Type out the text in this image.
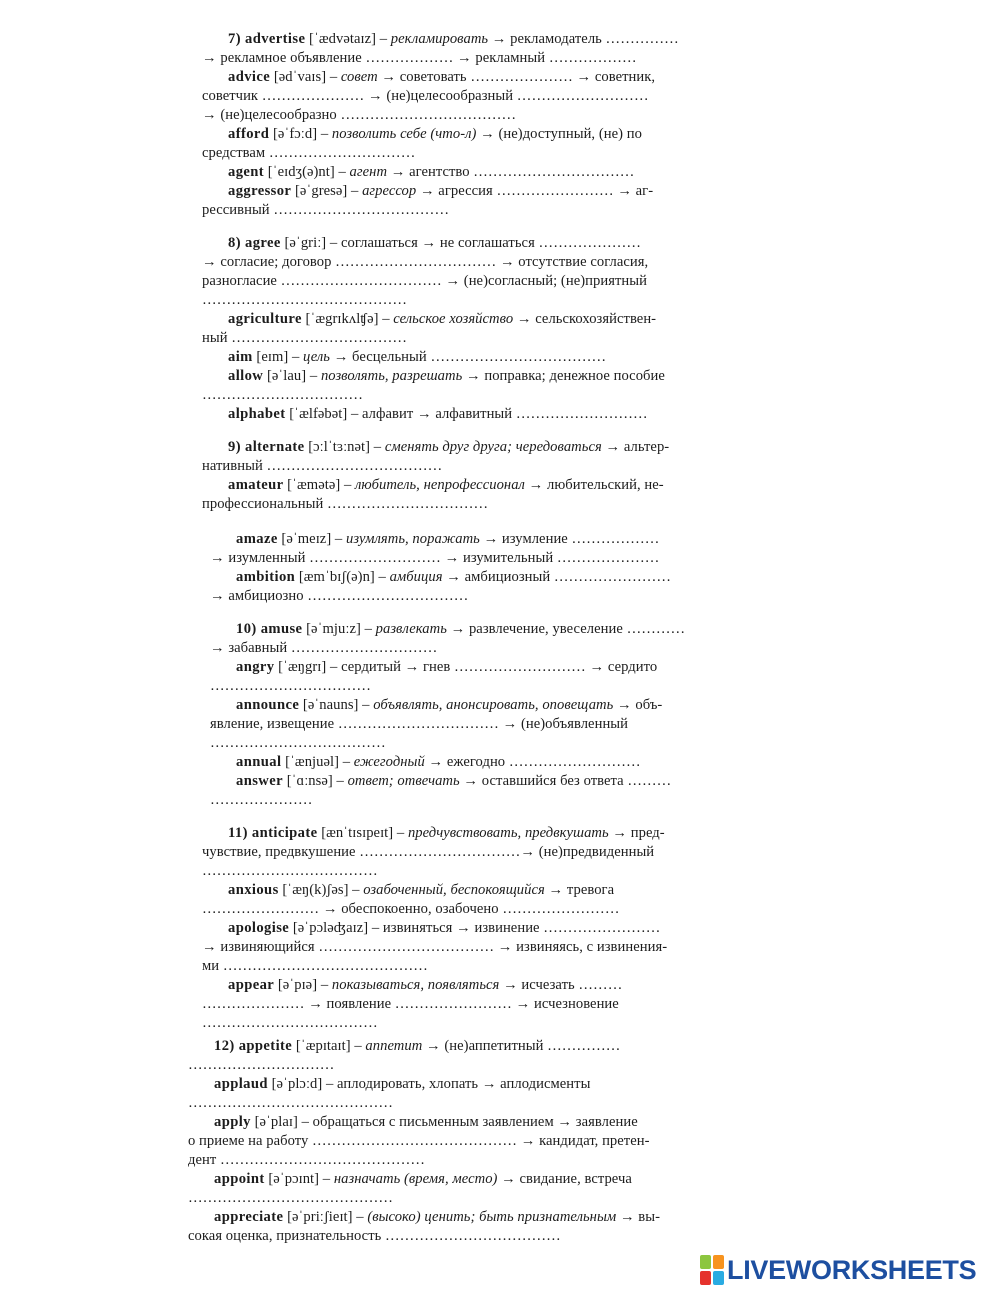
7) advertise [ˈædvətaɪz] – рекламировать → рекламодатель ……………
→ рекламное объявление ……………… → рекламный ………………
advice [ədˈvaɪs] – совет → советовать ………………… → советник,
советчик ………………… → (не)целесообразный ………………………
→ (не)целесообразно ………………………………
afford [əˈfɔːd] – позволить себе (что-л) → (не)доступный, (не) по
средствам …………………………
agent [ˈeɪdʒ(ə)nt] – агент → агентство ……………………………
aggressor [əˈgresə] – агрессор → агрессия …………………… → аг-
рессивный ………………………………
8) agree [əˈgriː] – соглашаться → не соглашаться …………………
→ согласие; договор …………………………… → отсутствие согласия,
разногласие …………………………… → (не)согласный; (не)приятный
……………………………………
agriculture [ˈægrɪkʌlʧə] – сельское хозяйство → сельскохозяйствен-
ный ………………………………
aim [eɪm] – цель → бесцельный ………………………………
allow [əˈlau] – позволять, разрешать → поправка; денежное пособие
……………………………
alphabet [ˈælfəbət] – алфавит → алфавитный ………………………
9) alternate [ɔːlˈtɜːnət] – сменять друг друга; чередоваться → альтер-
нативный ………………………………
amateur [ˈæmətə] – любитель, непрофессионал → любительский, не-
профессиональный ……………………………
amaze [əˈmeɪz] – изумлять, поражать → изумление ………………
→ изумленный ……………………… → изумительный …………………
ambition [æmˈbɪʃ(ə)n] – амбиция → амбициозный ……………………
→ амбициозно ……………………………
10) amuse [əˈmjuːz] – развлекать → развлечение, увеселение …………
→ забавный …………………………
angry [ˈæŋgrɪ] – сердитый → гнев ……………………… → сердито
……………………………
announce [əˈnauns] – объявлять, анонсировать, оповещать → объ-
явление, извещение …………………………… → (не)объявленный
………………………………
annual [ˈænjuəl] – ежегодный → ежегодно ………………………
answer [ˈɑːnsə] – ответ; отвечать → оставшийся без ответа ………
…………………
11) anticipate [ænˈtɪsɪpeɪt] – предчувствовать, предвкушать → пред-
чувствие, предвкушение ……………………………→ (не)предвиденный
………………………………
anxious [ˈæŋ(k)ʃəs] – озабоченный, беспокоящийся → тревога
…………………… → обеспокоенно, озабочено ……………………
apologise [əˈpɔləʤaɪz] – извиняться → извинение ……………………
→ извиняющийся ……………………………… → извиняясь, с извинения-
ми ……………………………………
appear [əˈpɪə] – показываться, появляться → исчезать ………
………………… → появление …………………… → исчезновение
………………………………
12) appetite [ˈæpɪtaɪt] – аппетит → (не)аппетитный ……………
…………………………
applaud [əˈplɔːd] – аплодировать, хлопать → аплодисменты
……………………………………
apply [əˈplaɪ] – обращаться с письменным заявлением → заявление
о приеме на работу …………………………………… → кандидат, претен-
дент ……………………………………
appoint [əˈpɔɪnt] – назначать (время, место) → свидание, встреча
……………………………………
appreciate [əˈpriːʃieɪt] – (высоко) ценить; быть признательным → вы-
сокая оценка, признательность ………………………………
LIVEWORKSHEETS
